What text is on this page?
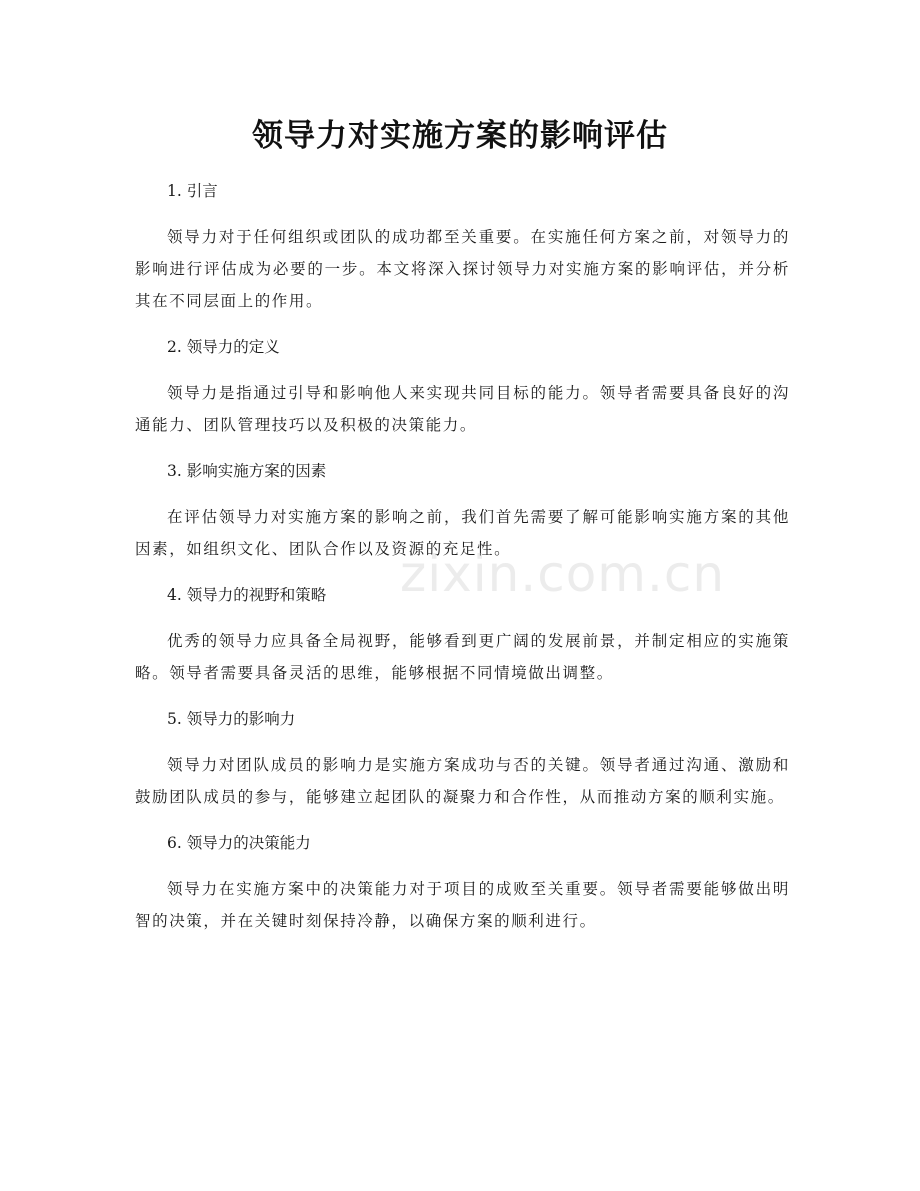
领导力对实施方案的影响评估

1. 引言

领导力对于任何组织或团队的成功都至关重要。在实施任何方案之前，对领导力的影响进行评估成为必要的一步。本文将深入探讨领导力对实施方案的影响评估，并分析其在不同层面上的作用。

2. 领导力的定义

领导力是指通过引导和影响他人来实现共同目标的能力。领导者需要具备良好的沟通能力、团队管理技巧以及积极的决策能力。

3. 影响实施方案的因素

在评估领导力对实施方案的影响之前，我们首先需要了解可能影响实施方案的其他因素，如组织文化、团队合作以及资源的充足性。

4. 领导力的视野和策略

优秀的领导力应具备全局视野，能够看到更广阔的发展前景，并制定相应的实施策略。领导者需要具备灵活的思维，能够根据不同情境做出调整。

5. 领导力的影响力

领导力对团队成员的影响力是实施方案成功与否的关键。领导者通过沟通、激励和鼓励团队成员的参与，能够建立起团队的凝聚力和合作性，从而推动方案的顺利实施。

6. 领导力的决策能力

领导力在实施方案中的决策能力对于项目的成败至关重要。领导者需要能够做出明智的决策，并在关键时刻保持冷静，以确保方案的顺利进行。

zixin.com.cn
